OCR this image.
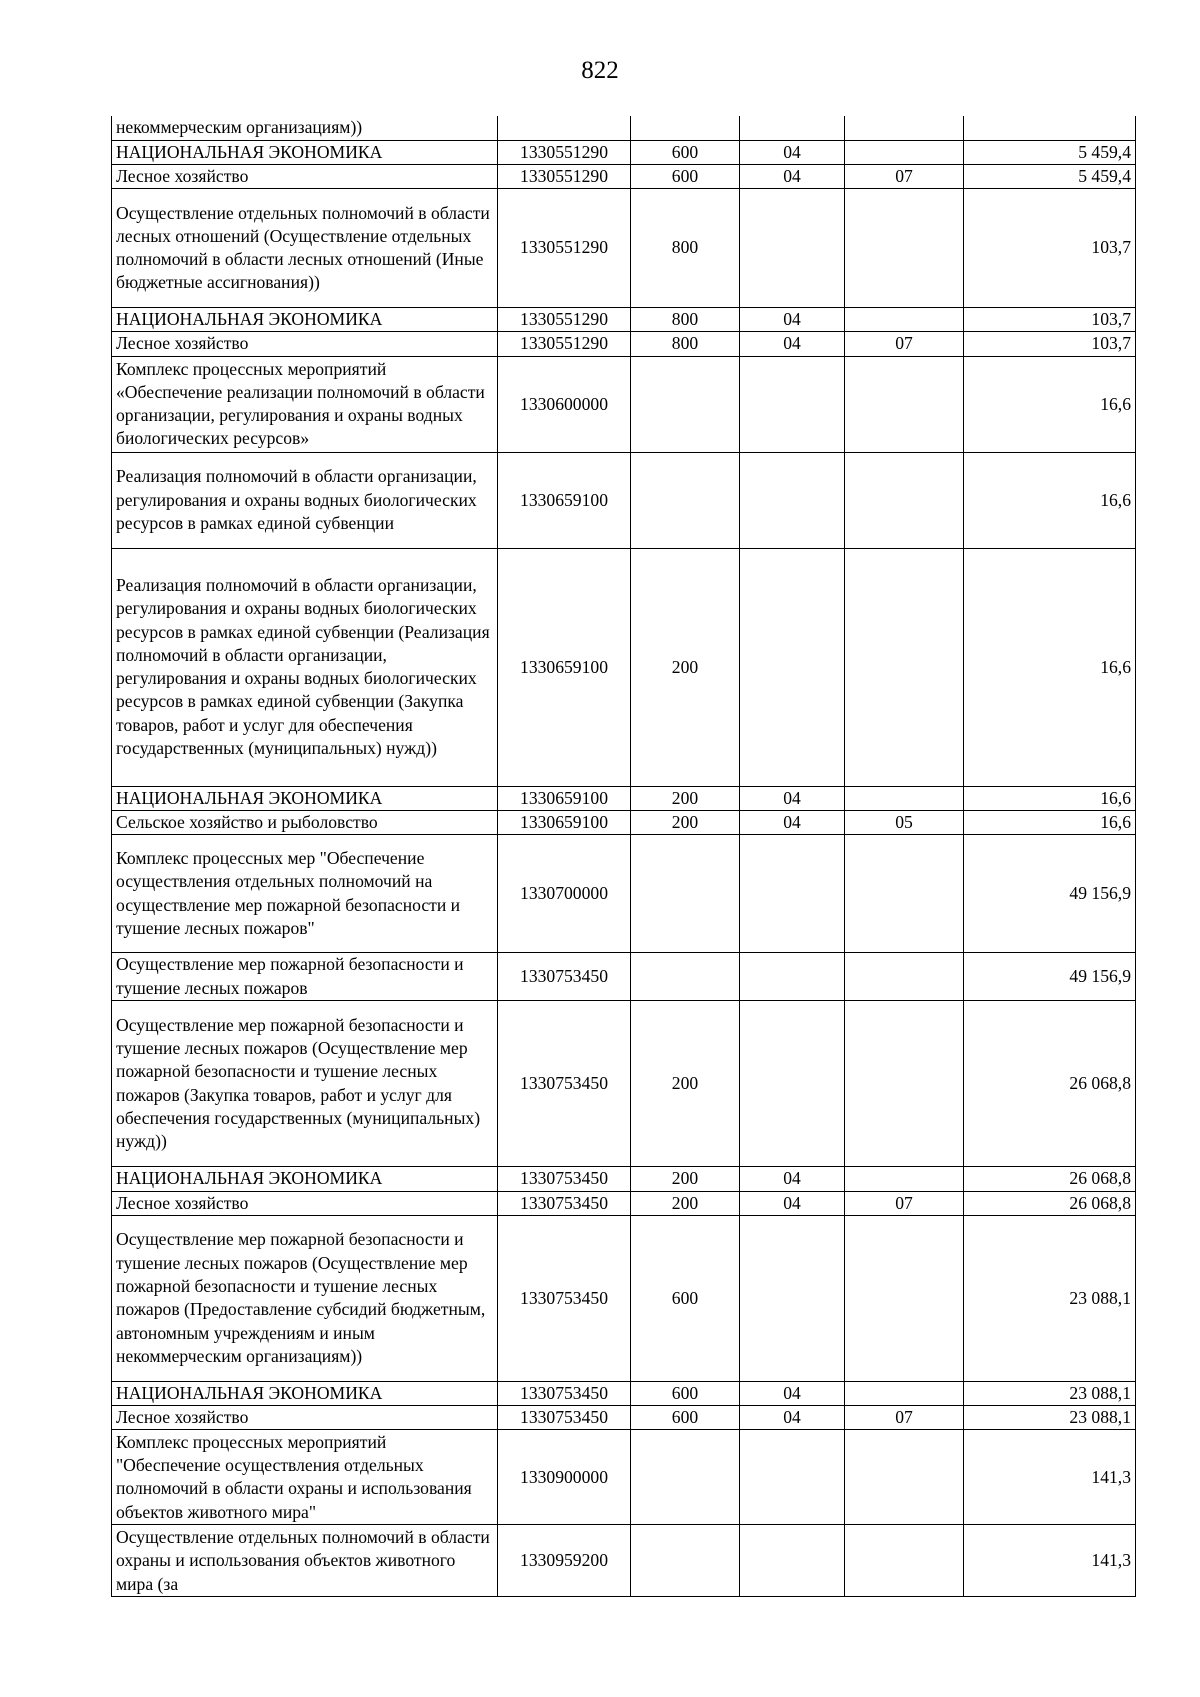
822
некоммерческим организациям))					
НАЦИОНАЛЬНАЯ ЭКОНОМИКА	1330551290	600	04		5 459,4
Лесное хозяйство	1330551290	600	04	07	5 459,4
Осуществление отдельных полномочий в области лесных отношений (Осуществление отдельных полномочий в области лесных отношений (Иные бюджетные ассигнования))	1330551290	800			103,7
НАЦИОНАЛЬНАЯ ЭКОНОМИКА	1330551290	800	04		103,7
Лесное хозяйство	1330551290	800	04	07	103,7
Комплекс процессных мероприятий «Обеспечение реализации полномочий в области организации, регулирования и охраны водных биологических ресурсов»	1330600000				16,6
Реализация полномочий в области организации, регулирования и охраны водных биологических ресурсов в рамках единой субвенции	1330659100				16,6
Реализация полномочий в области организации, регулирования и охраны водных биологических ресурсов в рамках единой субвенции (Реализация полномочий в области организации, регулирования и охраны водных биологических ресурсов в рамках единой субвенции (Закупка товаров, работ и услуг для обеспечения государственных (муниципальных) нужд))	1330659100	200			16,6
НАЦИОНАЛЬНАЯ ЭКОНОМИКА	1330659100	200	04		16,6
Сельское хозяйство и рыболовство	1330659100	200	04	05	16,6
Комплекс процессных мер "Обеспечение осуществления отдельных полномочий на осуществление мер пожарной безопасности и тушение лесных пожаров"	1330700000				49 156,9
Осуществление мер пожарной безопасности и тушение лесных пожаров	1330753450				49 156,9
Осуществление мер пожарной безопасности и тушение лесных пожаров (Осуществление мер пожарной безопасности и тушение лесных пожаров (Закупка товаров, работ и услуг для обеспечения государственных (муниципальных) нужд))	1330753450	200			26 068,8
НАЦИОНАЛЬНАЯ ЭКОНОМИКА	1330753450	200	04		26 068,8
Лесное хозяйство	1330753450	200	04	07	26 068,8
Осуществление мер пожарной безопасности и тушение лесных пожаров (Осуществление мер пожарной безопасности и тушение лесных пожаров (Предоставление субсидий бюджетным, автономным учреждениям и иным некоммерческим организациям))	1330753450	600			23 088,1
НАЦИОНАЛЬНАЯ ЭКОНОМИКА	1330753450	600	04		23 088,1
Лесное хозяйство	1330753450	600	04	07	23 088,1
Комплекс процессных мероприятий "Обеспечение осуществления отдельных полномочий в области охраны и использования объектов животного мира"	1330900000				141,3
Осуществление отдельных полномочий в области охраны и использования объектов животного мира (за	1330959200				141,3
